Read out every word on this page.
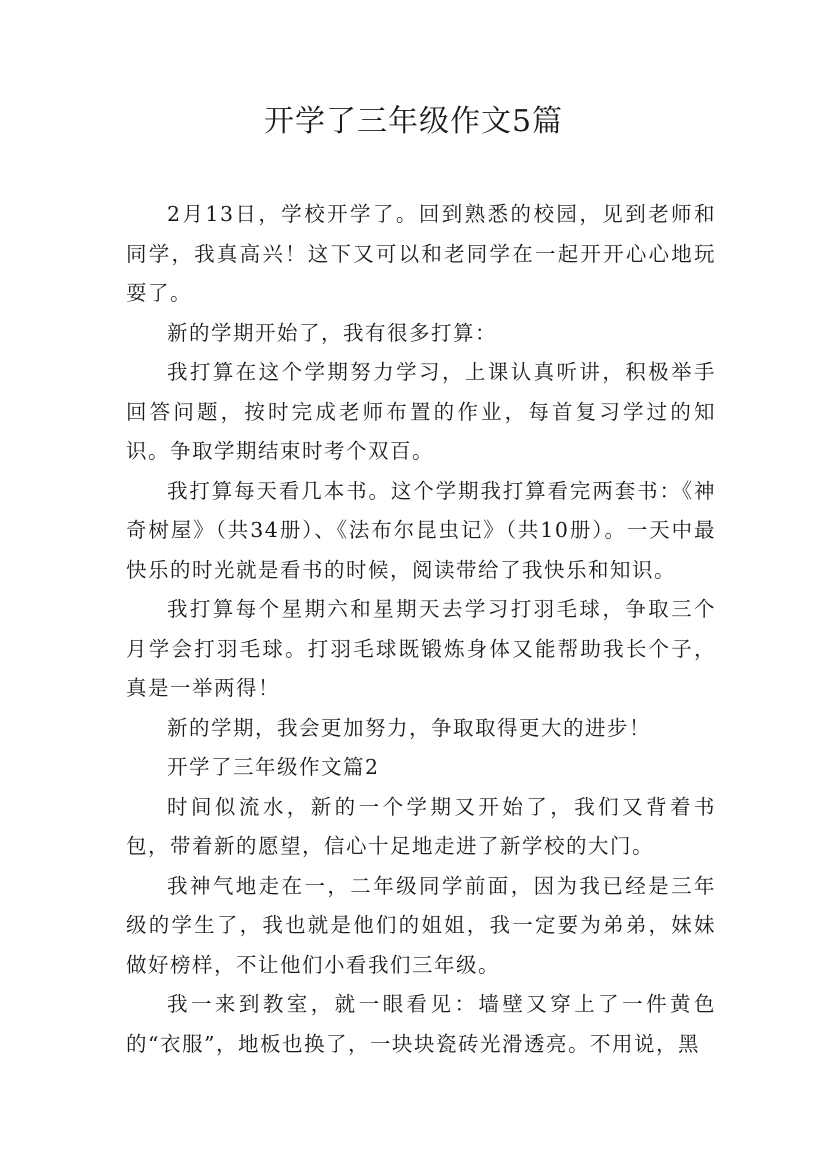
开学了三年级作文5篇

2月13日，学校开学了。回到熟悉的校园，见到老师和同学，我真高兴！这下又可以和老同学在一起开开心心地玩耍了。

新的学期开始了，我有很多打算：

我打算在这个学期努力学习，上课认真听讲，积极举手回答问题，按时完成老师布置的作业，每首复习学过的知识。争取学期结束时考个双百。

我打算每天看几本书。这个学期我打算看完两套书：《神奇树屋》（共34册）、《法布尔昆虫记》（共10册）。一天中最快乐的时光就是看书的时候，阅读带给了我快乐和知识。

我打算每个星期六和星期天去学习打羽毛球，争取三个月学会打羽毛球。打羽毛球既锻炼身体又能帮助我长个子，真是一举两得！

新的学期，我会更加努力，争取取得更大的进步！

开学了三年级作文篇2

时间似流水，新的一个学期又开始了，我们又背着书包，带着新的愿望，信心十足地走进了新学校的大门。

我神气地走在一，二年级同学前面，因为我已经是三年级的学生了，我也就是他们的姐姐，我一定要为弟弟，妹妹做好榜样，不让他们小看我们三年级。

我一来到教室，就一眼看见：墙壁又穿上了一件黄色的“衣服”，地板也换了，一块块瓷砖光滑透亮。不用说，黑
